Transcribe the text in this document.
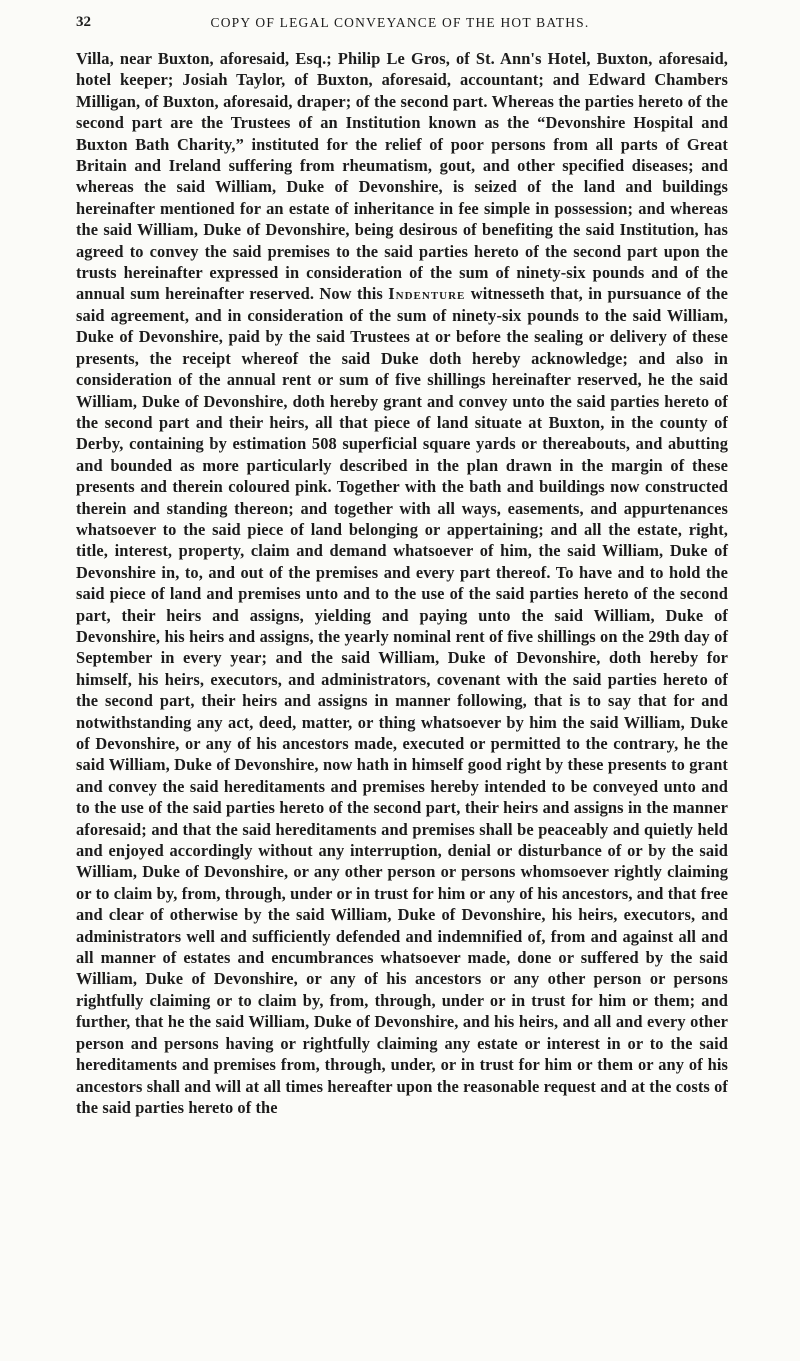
32	COPY OF LEGAL CONVEYANCE OF THE HOT BATHS.

Villa, near Buxton, aforesaid, Esq.; Philip Le Gros, of St. Ann's Hotel, Buxton, aforesaid, hotel keeper; Josiah Taylor, of Buxton, aforesaid, accountant; and Edward Chambers Milligan, of Buxton, aforesaid, draper; of the second part. Whereas the parties hereto of the second part are the Trustees of an Institution known as the “Devonshire Hospital and Buxton Bath Charity,” instituted for the relief of poor persons from all parts of Great Britain and Ireland suffering from rheumatism, gout, and other specified diseases; and whereas the said William, Duke of Devonshire, is seized of the land and buildings hereinafter mentioned for an estate of inheritance in fee simple in possession; and whereas the said William, Duke of Devonshire, being desirous of benefiting the said Institution, has agreed to convey the said premises to the said parties hereto of the second part upon the trusts hereinafter expressed in consideration of the sum of ninety-six pounds and of the annual sum hereinafter reserved. Now this Indenture witnesseth that, in pursuance of the said agreement, and in consideration of the sum of ninety-six pounds to the said William, Duke of Devonshire, paid by the said Trustees at or before the sealing or delivery of these presents, the receipt whereof the said Duke doth hereby acknowledge; and also in consideration of the annual rent or sum of five shillings hereinafter reserved, he the said William, Duke of Devonshire, doth hereby grant and convey unto the said parties hereto of the second part and their heirs, all that piece of land situate at Buxton, in the county of Derby, containing by estimation 508 superficial square yards or thereabouts, and abutting and bounded as more particularly described in the plan drawn in the margin of these presents and therein coloured pink. Together with the bath and buildings now constructed therein and standing thereon; and together with all ways, easements, and appurtenances whatsoever to the said piece of land belonging or appertaining; and all the estate, right, title, interest, property, claim and demand whatsoever of him, the said William, Duke of Devonshire in, to, and out of the premises and every part thereof. To have and to hold the said piece of land and premises unto and to the use of the said parties hereto of the second part, their heirs and assigns, yielding and paying unto the said William, Duke of Devonshire, his heirs and assigns, the yearly nominal rent of five shillings on the 29th day of September in every year; and the said William, Duke of Devonshire, doth hereby for himself, his heirs, executors, and administrators, covenant with the said parties hereto of the second part, their heirs and assigns in manner following, that is to say that for and notwithstanding any act, deed, matter, or thing whatsoever by him the said William, Duke of Devonshire, or any of his ancestors made, executed or permitted to the contrary, he the said William, Duke of Devonshire, now hath in himself good right by these presents to grant and convey the said hereditaments and premises hereby intended to be conveyed unto and to the use of the said parties hereto of the second part, their heirs and assigns in the manner aforesaid; and that the said hereditaments and premises shall be peaceably and quietly held and enjoyed accordingly without any interruption, denial or disturbance of or by the said William, Duke of Devonshire, or any other person or persons whomsoever rightly claiming or to claim by, from, through, under or in trust for him or any of his ancestors, and that free and clear of otherwise by the said William, Duke of Devonshire, his heirs, executors, and administrators well and sufficiently defended and indemnified of, from and against all and all manner of estates and encumbrances whatsoever made, done or suffered by the said William, Duke of Devonshire, or any of his ancestors or any other person or persons rightfully claiming or to claim by, from, through, under or in trust for him or them; and further, that he the said William, Duke of Devonshire, and his heirs, and all and every other person and persons having or rightfully claiming any estate or interest in or to the said hereditaments and premises from, through, under, or in trust for him or them or any of his ancestors shall and will at all times hereafter upon the reasonable request and at the costs of the said parties hereto of the
